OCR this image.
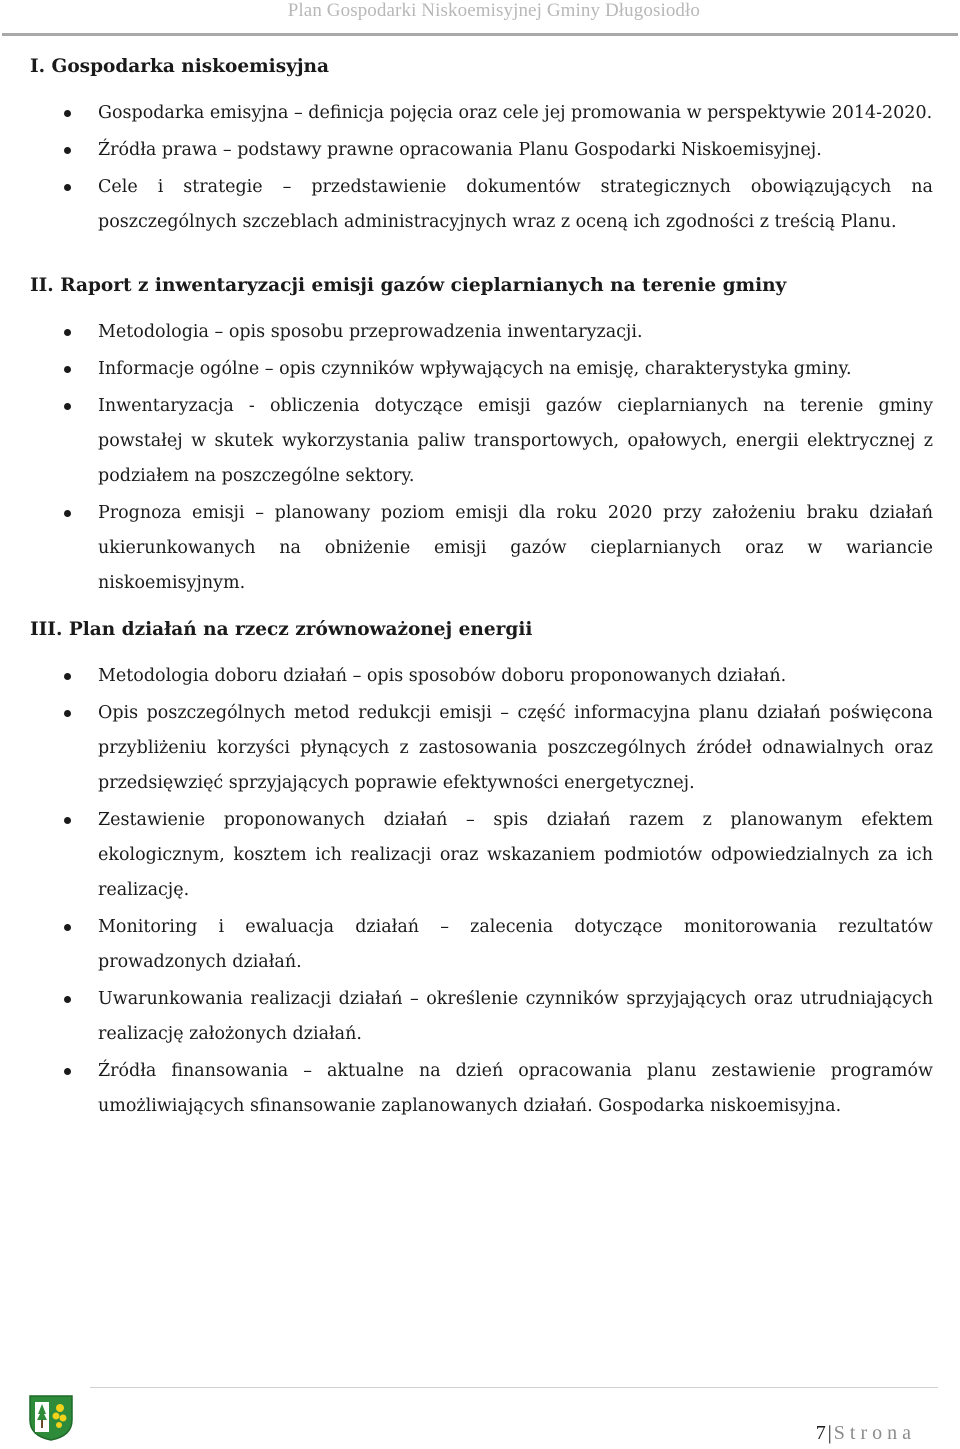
Plan Gospodarki Niskoemisyjnej Gminy Długosiodło
I. Gospodarka niskoemisyjna
Gospodarka emisyjna – definicja pojęcia oraz cele jej promowania w perspektywie 2014-2020.
Źródła prawa – podstawy prawne opracowania Planu Gospodarki Niskoemisyjnej.
Cele i strategie – przedstawienie dokumentów strategicznych obowiązujących na poszczególnych szczeblach administracyjnych wraz z oceną ich zgodności z treścią Planu.
II. Raport z inwentaryzacji emisji gazów cieplarnianych na terenie gminy
Metodologia – opis sposobu przeprowadzenia inwentaryzacji.
Informacje ogólne – opis czynników wpływających na emisję, charakterystyka gminy.
Inwentaryzacja - obliczenia dotyczące emisji gazów cieplarnianych na terenie gminy powstałej w skutek wykorzystania paliw transportowych, opałowych, energii elektrycznej z podziałem na poszczególne sektory.
Prognoza emisji – planowany poziom emisji dla roku 2020 przy założeniu braku działań ukierunkowanych na obniżenie emisji gazów cieplarnianych oraz w wariancie niskoemisyjnym.
III. Plan działań na rzecz zrównoważonej energii
Metodologia doboru działań – opis sposobów doboru proponowanych działań.
Opis poszczególnych metod redukcji emisji – część informacyjna planu działań poświęcona przybliżeniu korzyści płynących z zastosowania poszczególnych źródeł odnawialnych oraz przedsięwzięć sprzyjających poprawie efektywności energetycznej.
Zestawienie proponowanych działań – spis działań razem z planowanym efektem ekologicznym, kosztem ich realizacji oraz wskazaniem podmiotów odpowiedzialnych za ich realizację.
Monitoring i ewaluacja działań – zalecenia dotyczące monitorowania rezultatów prowadzonych działań.
Uwarunkowania realizacji działań – określenie czynników sprzyjających oraz utrudniających realizację założonych działań.
Źródła finansowania – aktualne na dzień opracowania planu zestawienie programów umożliwiających sfinansowanie zaplanowanych działań. Gospodarka niskoemisyjna.
7 | Strona
